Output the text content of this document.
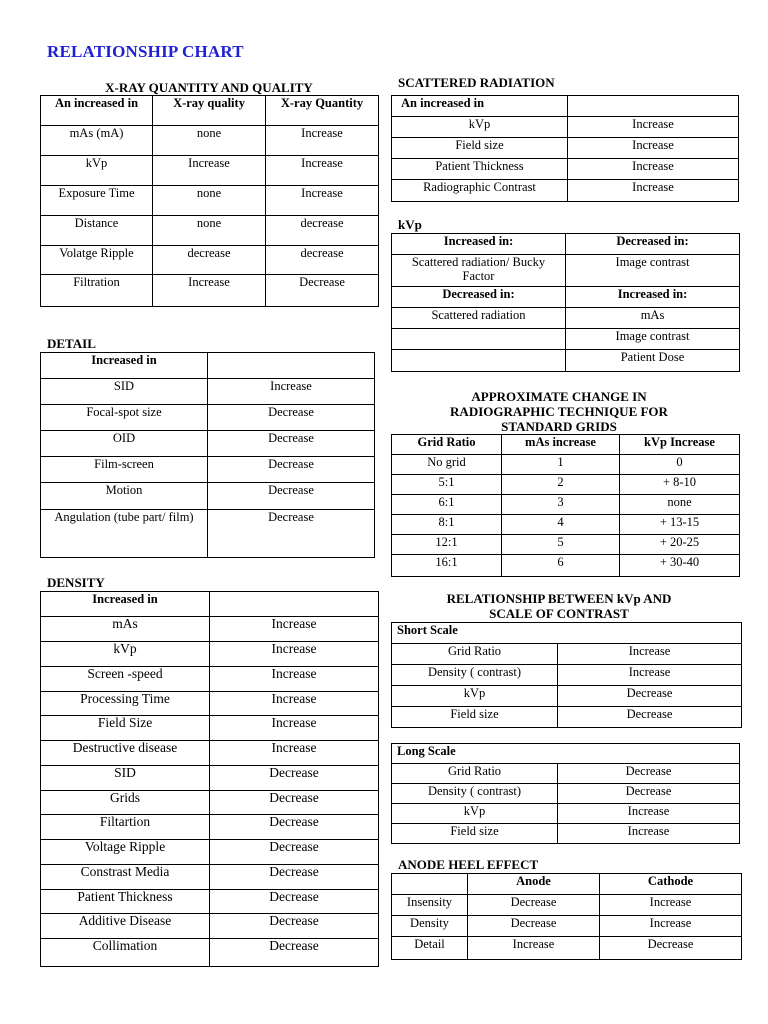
RELATIONSHIP CHART
X-RAY QUANTITY AND QUALITY
An increased in	X-ray quality	X-ray Quantity
mAs (mA)	none	Increase
kVp	Increase	Increase
Exposure Time	none	Increase
Distance	none	decrease
Volatge Ripple	decrease	decrease
Filtration	Increase	Decrease
DETAIL
Increased in	
SID	Increase
Focal-spot size	Decrease
OID	Decrease
Film-screen	Decrease
Motion	Decrease
Angulation (tube part/ film)	Decrease
DENSITY
Increased in	
mAs	Increase
kVp	Increase
Screen -speed	Increase
Processing Time	Increase
Field Size	Increase
Destructive disease	Increase
SID	Decrease
Grids	Decrease
Filtartion	Decrease
Voltage Ripple	Decrease
Constrast Media	Decrease
Patient Thickness	Decrease
Additive Disease	Decrease
Collimation	Decrease
SCATTERED RADIATION
An increased in	
kVp	Increase
Field size	Increase
Patient Thickness	Increase
Radiographic Contrast	Increase
kVp
Increased in:	Decreased in:
Scattered radiation/ Bucky Factor	Image contrast
Decreased in:	Increased in:
Scattered radiation	mAs
	Image contrast
	Patient Dose
APPROXIMATE CHANGE IN RADIOGRAPHIC TECHNIQUE FOR STANDARD GRIDS
Grid Ratio	mAs increase	kVp Increase
No grid	1	0
5:1	2	+ 8-10
6:1	3	none
8:1	4	+ 13-15
12:1	5	+ 20-25
16:1	6	+ 30-40
RELATIONSHIP BETWEEN kVp AND SCALE OF CONTRAST
Short Scale	
Grid Ratio	Increase
Density ( contrast)	Increase
kVp	Decrease
Field size	Decrease
Long Scale	
Grid Ratio	Decrease
Density ( contrast)	Decrease
kVp	Increase
Field size	Increase
ANODE HEEL EFFECT
	Anode	Cathode
Insensity	Decrease	Increase
Density	Decrease	Increase
Detail	Increase	Decrease
